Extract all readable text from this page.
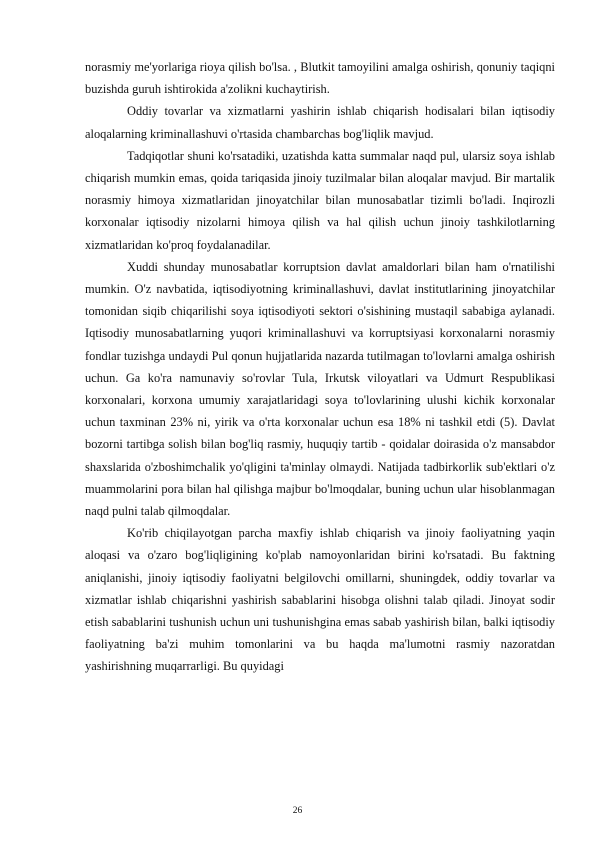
norasmiy me'yorlariga rioya qilish bo'lsa. , Blutkit tamoyilini amalga oshirish, qonuniy taqiqni buzishda guruh ishtirokida a'zolikni kuchaytirish.

Oddiy tovarlar va xizmatlarni yashirin ishlab chiqarish hodisalari bilan iqtisodiy aloqalarning kriminallashuvi o'rtasida chambarchas bog'liqlik mavjud.

Tadqiqotlar shuni ko'rsatadiki, uzatishda katta summalar naqd pul, ularsiz soya ishlab chiqarish mumkin emas, qoida tariqasida jinoiy tuzilmalar bilan aloqalar mavjud. Bir martalik norasmiy himoya xizmatlaridan jinoyatchilar bilan munosabatlar tizimli bo'ladi. Inqirozli korxonalar iqtisodiy nizolarni himoya qilish va hal qilish uchun jinoiy tashkilotlarning xizmatlaridan ko'proq foydalanadilar.

Xuddi shunday munosabatlar korruptsion davlat amaldorlari bilan ham o'rnatilishi mumkin. O'z navbatida, iqtisodiyotning kriminallashuvi, davlat institutlarining jinoyatchilar tomonidan siqib chiqarilishi soya iqtisodiyoti sektori o'sishining mustaqil sababiga aylanadi. Iqtisodiy munosabatlarning yuqori kriminallashuvi va korruptsiyasi korxonalarni norasmiy fondlar tuzishga undaydi Pul qonun hujjatlarida nazarda tutilmagan to'lovlarni amalga oshirish uchun. Ga ko'ra namunaviy so'rovlar Tula, Irkutsk viloyatlari va Udmurt Respublikasi korxonalari, korxona umumiy xarajatlaridagi soya to'lovlarining ulushi kichik korxonalar uchun taxminan 23% ni, yirik va o'rta korxonalar uchun esa 18% ni tashkil etdi (5). Davlat bozorni tartibga solish bilan bog'liq rasmiy, huquqiy tartib - qoidalar doirasida o'z mansabdor shaxslarida o'zboshimchalik yo'qligini ta'minlay olmaydi. Natijada tadbirkorlik sub'ektlari o'z muammolarini pora bilan hal qilishga majbur bo'lmoqdalar, buning uchun ular hisoblanmagan naqd pulni talab qilmoqdalar.

Ko'rib chiqilayotgan parcha maxfiy ishlab chiqarish va jinoiy faoliyatning yaqin aloqasi va o'zaro bog'liqligining ko'plab namoyonlaridan birini ko'rsatadi. Bu faktning aniqlanishi, jinoiy iqtisodiy faoliyatni belgilovchi omillarni, shuningdek, oddiy tovarlar va xizmatlar ishlab chiqarishni yashirish sabablarini hisobga olishni talab qiladi. Jinoyat sodir etish sabablarini tushunish uchun uni tushunishgina emas sabab yashirish bilan, balki iqtisodiy faoliyatning ba'zi muhim tomonlarini va bu haqda ma'lumotni rasmiy nazoratdan yashirishning muqarrarligi. Bu quyidagi

26
